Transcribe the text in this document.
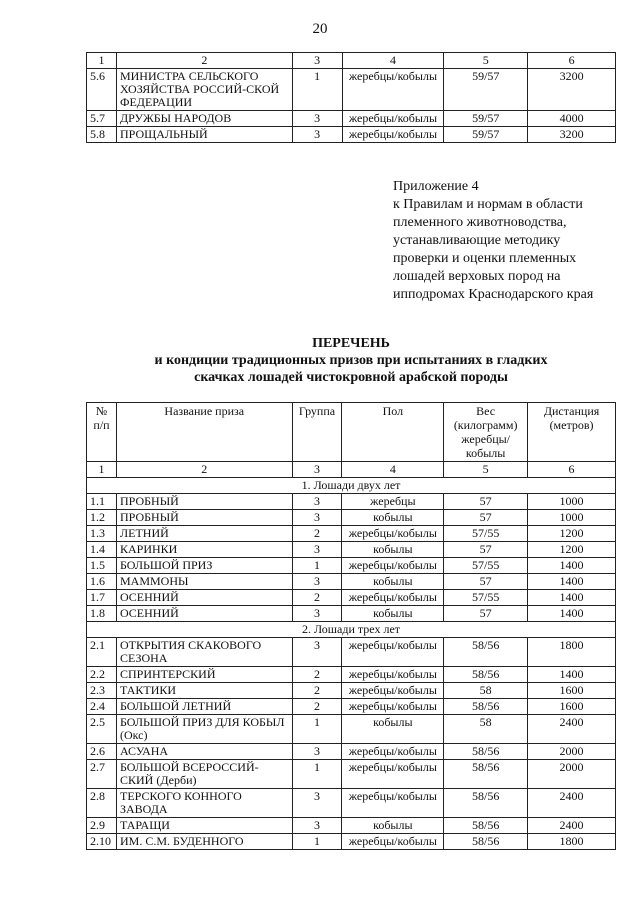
20
1	2	3	4	5	6
5.6	МИНИСТРА СЕЛЬСКОГО ХОЗЯЙСТВА РОССИЙ-СКОЙ ФЕДЕРАЦИИ	1	жеребцы/кобылы	59/57	3200
5.7	ДРУЖБЫ НАРОДОВ	3	жеребцы/кобылы	59/57	4000
5.8	ПРОЩАЛЬНЫЙ	3	жеребцы/кобылы	59/57	3200
Приложение 4
к Правилам и нормам в области
племенного животноводства,
устанавливающие методику
проверки и оценки племенных
лошадей верховых пород на
ипподромах Краснодарского края
ПЕРЕЧЕНЬ
и кондиции традиционных призов при испытаниях в гладких скачках лошадей чистокровной арабской породы
№ п/п	Название приза	Группа	Пол	Вес (килограмм) жеребцы/ кобылы	Дистанция (метров)
1	2	3	4	5	6
1. Лошади двух лет					
1.1	ПРОБНЫЙ	3	жеребцы	57	1000
1.2	ПРОБНЫЙ	3	кобылы	57	1000
1.3	ЛЕТНИЙ	2	жеребцы/кобылы	57/55	1200
1.4	КАРИНКИ	3	кобылы	57	1200
1.5	БОЛЬШОЙ ПРИЗ	1	жеребцы/кобылы	57/55	1400
1.6	МАММОНЫ	3	кобылы	57	1400
1.7	ОСЕННИЙ	2	жеребцы/кобылы	57/55	1400
1.8	ОСЕННИЙ	3	кобылы	57	1400
2. Лошади трех лет					
2.1	ОТКРЫТИЯ СКАКОВОГО СЕЗОНА	3	жеребцы/кобылы	58/56	1800
2.2	СПРИНТЕРСКИЙ	2	жеребцы/кобылы	58/56	1400
2.3	ТАКТИКИ	2	жеребцы/кобылы	58	1600
2.4	БОЛЬШОЙ ЛЕТНИЙ	2	жеребцы/кобылы	58/56	1600
2.5	БОЛЬШОЙ ПРИЗ ДЛЯ КОБЫЛ (Окс)	1	кобылы	58	2400
2.6	АСУАНА	3	жеребцы/кобылы	58/56	2000
2.7	БОЛЬШОЙ ВСЕРОССИЙ-СКИЙ (Дерби)	1	жеребцы/кобылы	58/56	2000
2.8	ТЕРСКОГО КОННОГО ЗАВОДА	3	жеребцы/кобылы	58/56	2400
2.9	ТАРАЩИ	3	кобылы	58/56	2400
2.10	ИМ. С.М. БУДЕННОГО	1	жеребцы/кобылы	58/56	1800
